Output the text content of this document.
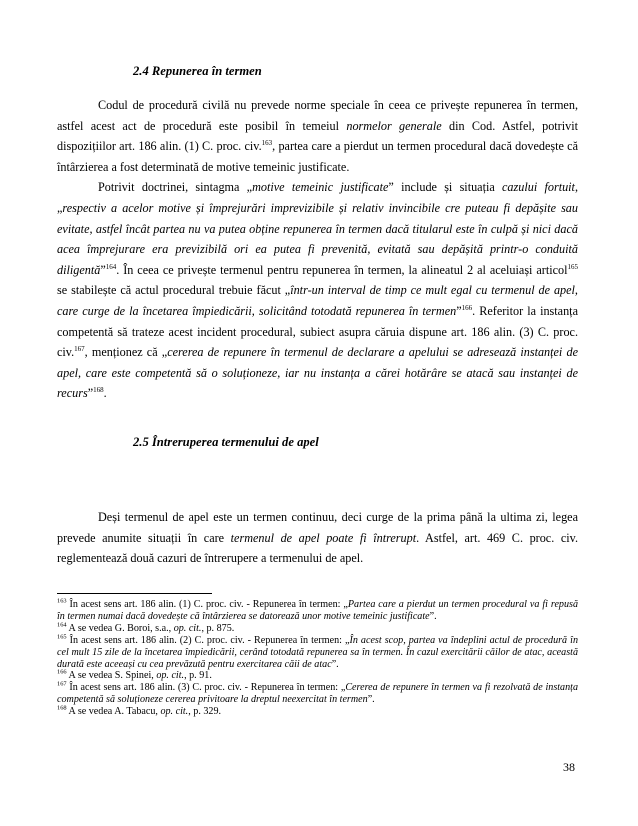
2.4 Repunerea în termen

Codul de procedură civilă nu prevede norme speciale în ceea ce privește repunerea în termen, astfel acest act de procedură este posibil în temeiul normelor generale din Cod. Astfel, potrivit dispozițiilor art. 186 alin. (1) C. proc. civ.$^{163}$, partea care a pierdut un termen procedural dacă dovedește că întârzierea a fost determinată de motive temeinic justificate.

Potrivit doctrinei, sintagma „motive temeinic justificate” include și situația cazului fortuit, „respectiv a acelor motive și împrejurări imprevizibile și relativ invincibile cre puteau fi depășite sau evitate, astfel încât partea nu va putea obține repunerea în termen dacă titularul este în culpă și nici dacă acea împrejurare era previzibilă ori ea putea fi prevenită, evitată sau depășită printr-o conduită diligentă”$^{164}$. În ceea ce privește termenul pentru repunerea în termen, la alineatul 2 al aceluiași articol$^{165}$ se stabilește că actul procedural trebuie făcut „într-un interval de timp ce mult egal cu termenul de apel, care curge de la încetarea împiedicării, solicitând totodată repunerea în termen”$^{166}$. Referitor la instanța competentă să trateze acest incident procedural, subiect asupra căruia dispune art. 186 alin. (3) C. proc. civ.$^{167}$, menționez că „cererea de repunere în termenul de declarare a apelului se adresează instanței de apel, care este competentă să o soluționeze, iar nu instanța a cărei hotărâre se atacă sau instanței de recurs”$^{168}$.

2.5 Întreruperea termenului de apel

Deși termenul de apel este un termen continuu, deci curge de la prima până la ultima zi, legea prevede anumite situații în care termenul de apel poate fi întrerupt. Astfel, art. 469 C. proc. civ. reglementează două cazuri de întrerupere a termenului de apel.

$^{163}$ În acest sens art. 186 alin. (1) C. proc. civ. - Repunerea în termen: „Partea care a pierdut un termen procedural va fi repusă în termen numai dacă dovedește că întârzierea se datorează unor motive temeinic justificate”.

$^{164}$ A se vedea G. Boroi, s.a., op. cit., p. 875.

$^{165}$ În acest sens art. 186 alin. (2) C. proc. civ. - Repunerea în termen: „În acest scop, partea va îndeplini actul de procedură în cel mult 15 zile de la încetarea împiedicării, cerând totodată repunerea sa în termen. În cazul exercitării căilor de atac, această durată este aceeași cu cea prevăzută pentru exercitarea căii de atac”.

$^{166}$ A se vedea S. Spinei, op. cit., p. 91.

$^{167}$ În acest sens art. 186 alin. (3) C. proc. civ. - Repunerea în termen: „Cererea de repunere în termen va fi rezolvată de instanța competentă să soluționeze cererea privitoare la dreptul neexercitat în termen”.

$^{168}$ A se vedea A. Tabacu, op. cit., p. 329.

38
